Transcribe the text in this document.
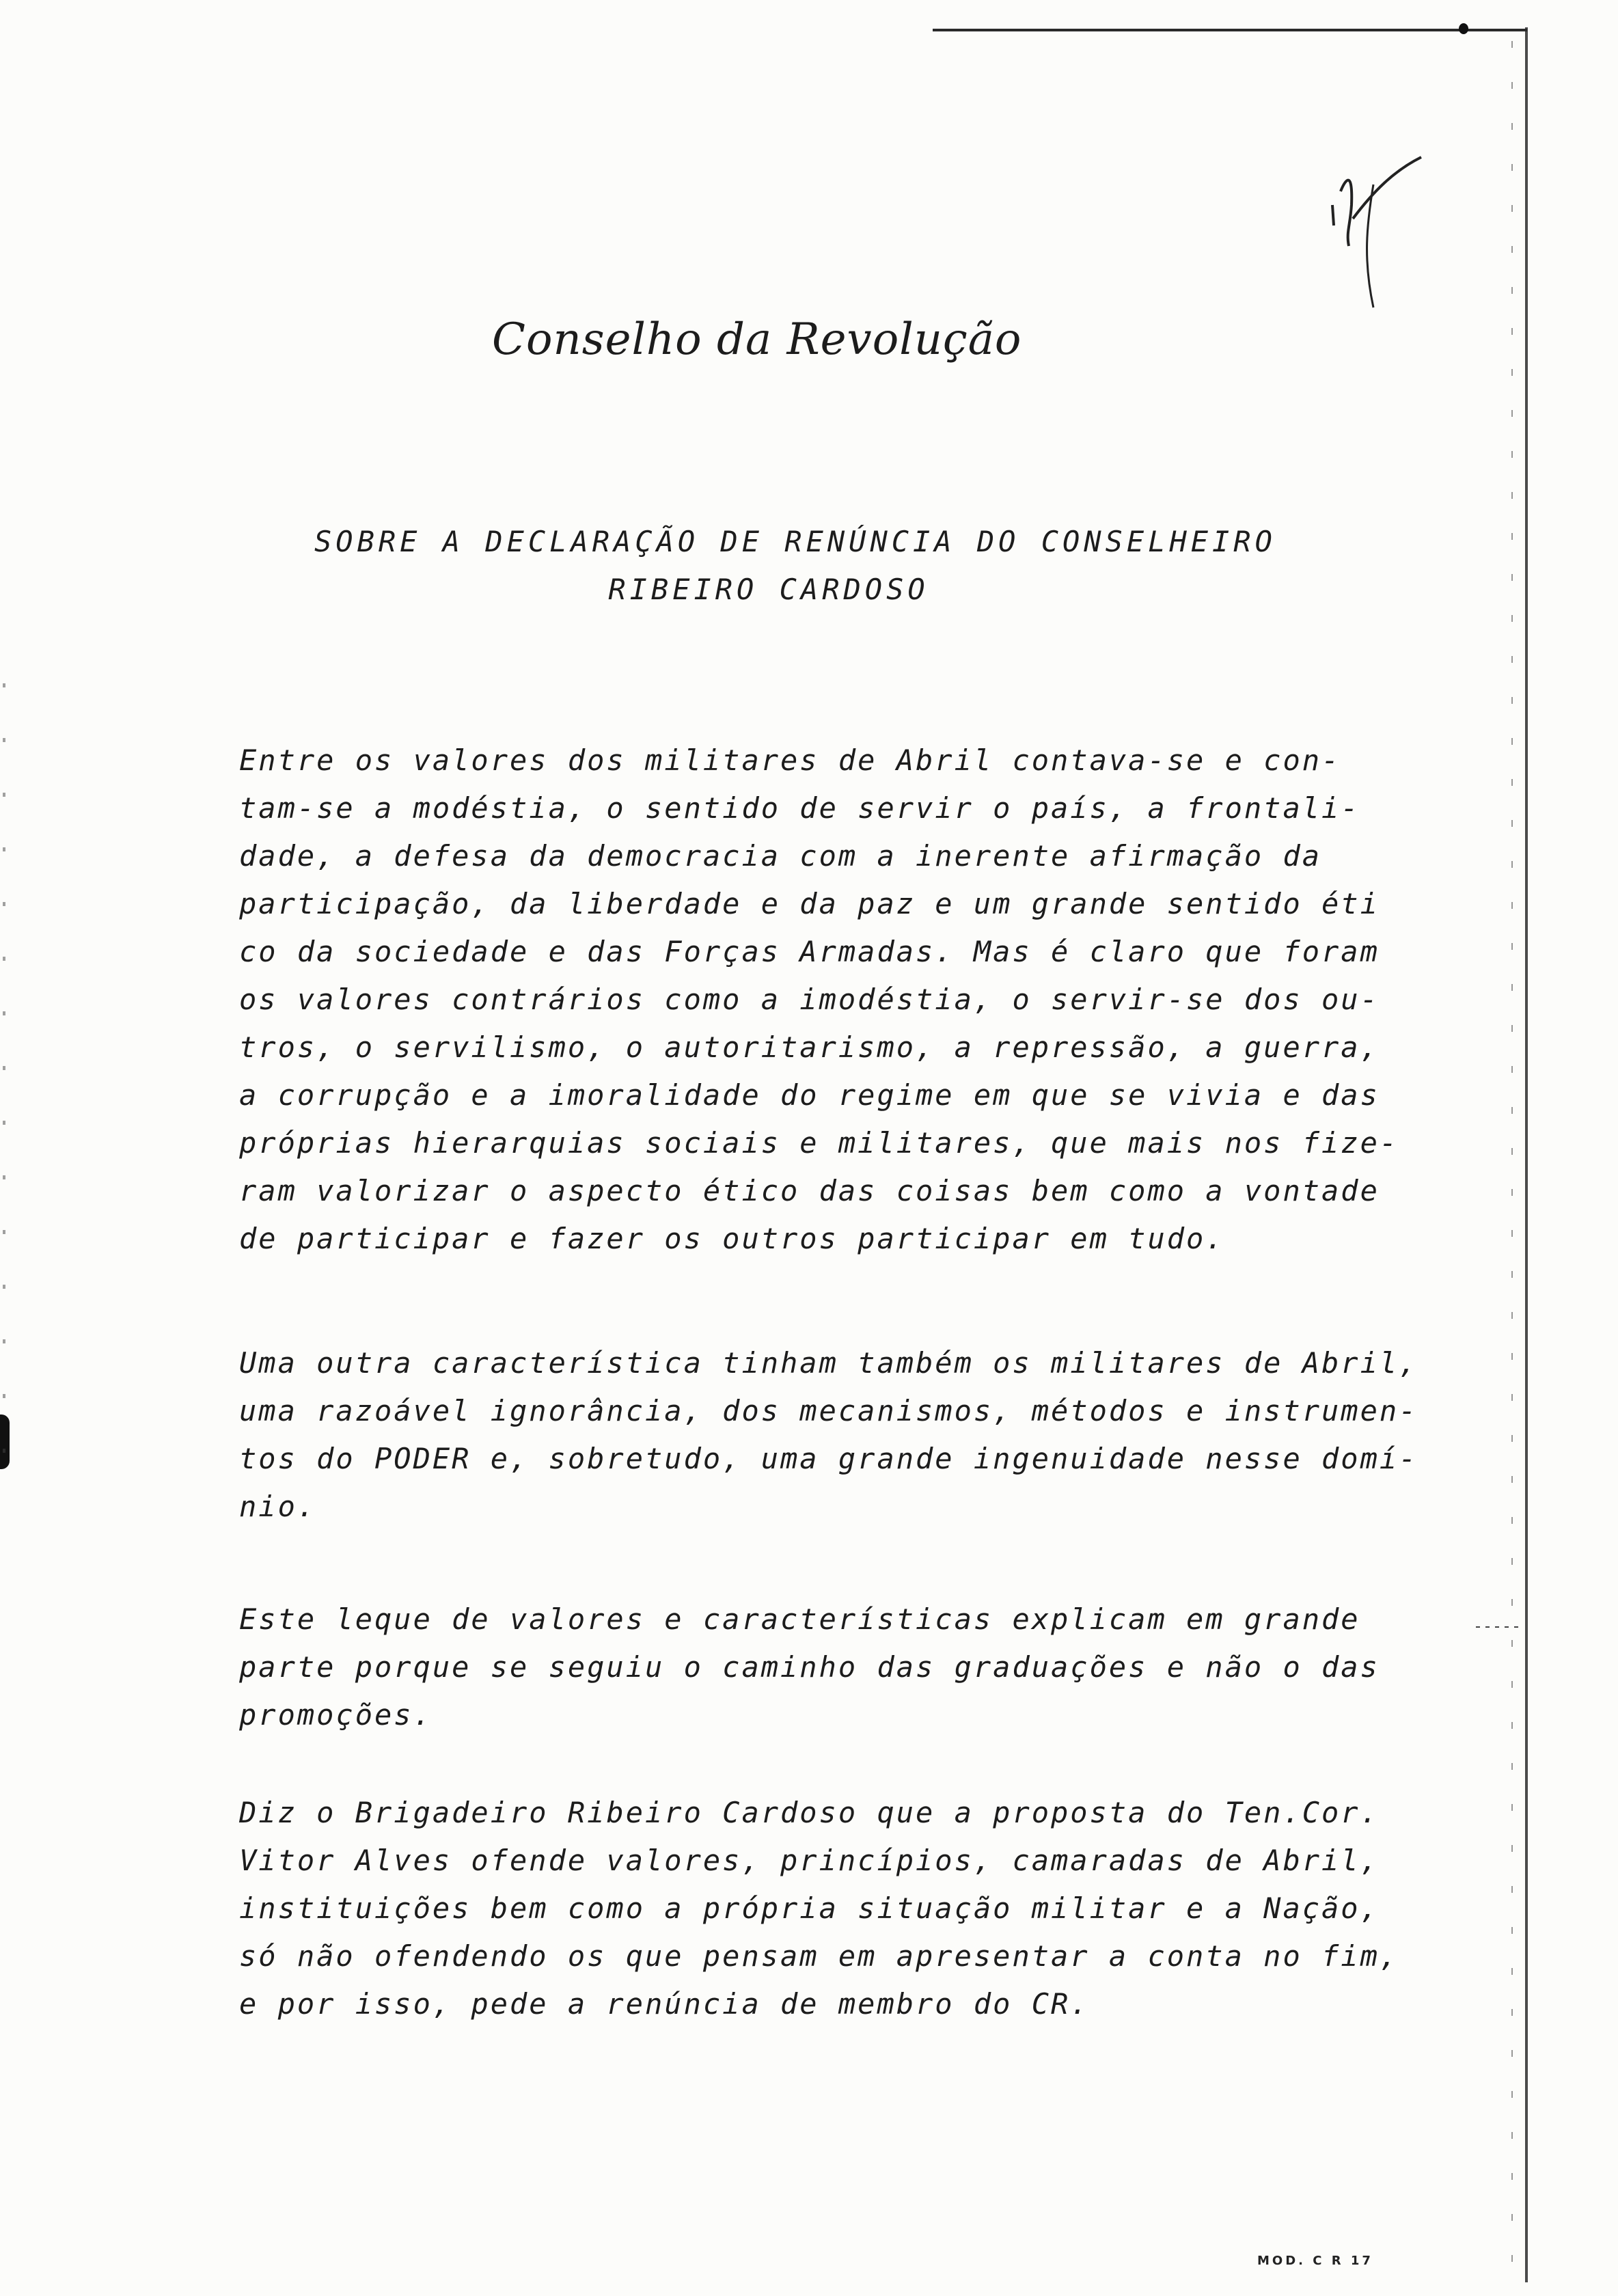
Conselho da Revolução
SOBRE A DECLARAÇÃO DE RENÚNCIA DO CONSELHEIRO
RIBEIRO CARDOSO
Entre os valores dos militares de Abril contava-se e con-
tam-se a modéstia, o sentido de servir o país, a frontali-
dade, a defesa da democracia com a inerente afirmação da
participação, da liberdade e da paz e um grande sentido éti
co da sociedade e das Forças Armadas. Mas é claro que foram
os valores contrários como a imodéstia, o servir-se dos ou-
tros, o servilismo, o autoritarismo, a repressão, a guerra,
a corrupção e a imoralidade do regime em que se vivia e das
próprias hierarquias sociais e militares, que mais nos fize-
ram valorizar o aspecto ético das coisas bem como a vontade
de participar e fazer os outros participar em tudo.
Uma outra característica tinham também os militares de Abril,
uma razoável ignorância, dos mecanismos, métodos e instrumen-
tos do PODER e, sobretudo, uma grande ingenuidade nesse domí-
nio.
Este leque de valores e características explicam em grande
parte porque se seguiu o caminho das graduações e não o das
promoções.
Diz o Brigadeiro Ribeiro Cardoso que a proposta do Ten.Cor.
Vitor Alves ofende valores, princípios, camaradas de Abril,
instituições bem como a própria situação militar e a Nação,
só não ofendendo os que pensam em apresentar a conta no fim,
e por isso, pede a renúncia de membro do CR.
MOD. C R 17
